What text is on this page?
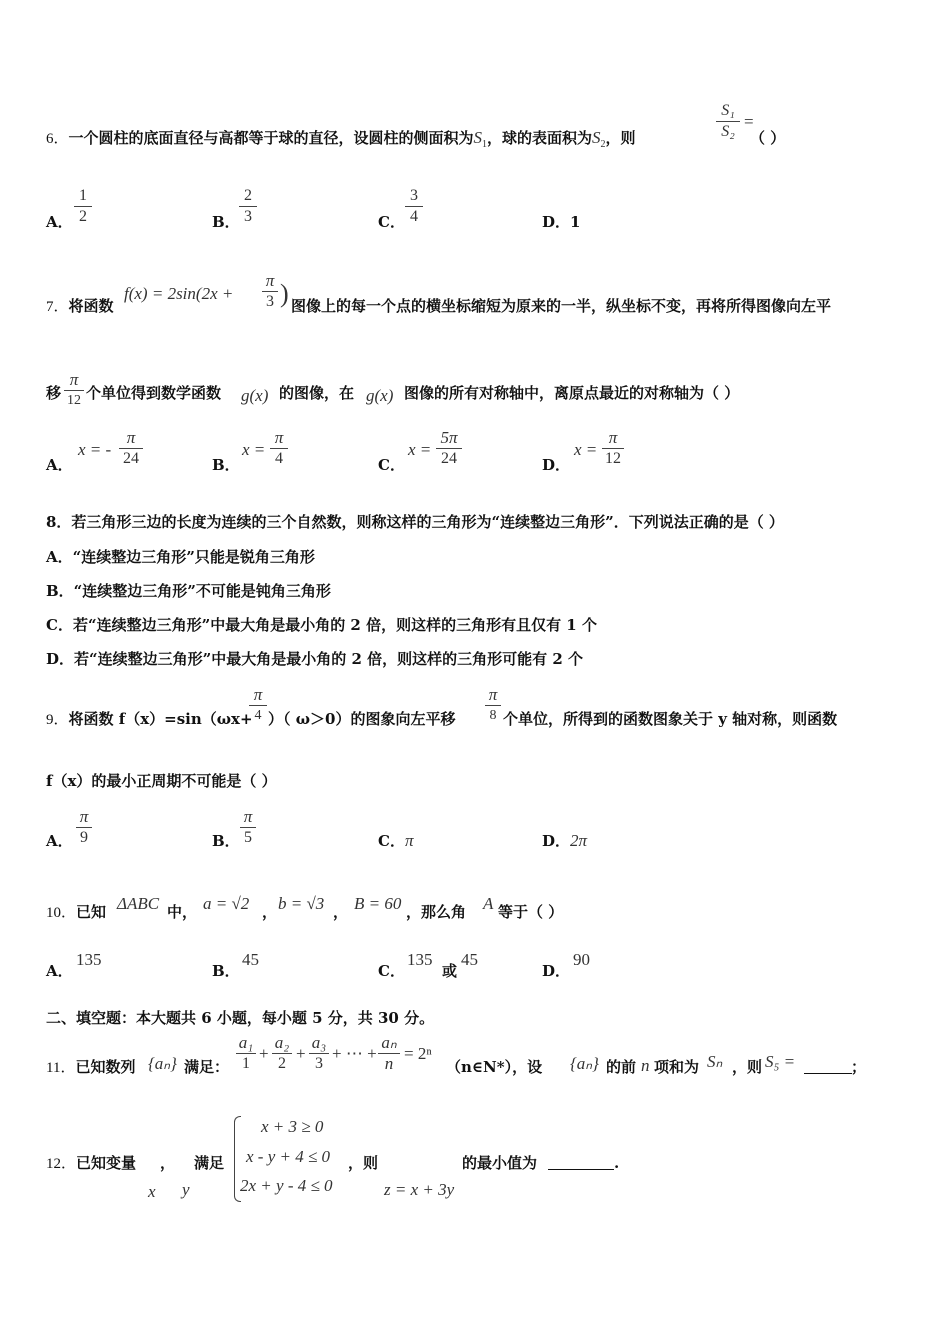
6．一个圆柱的底面直径与高都等于球的直径，设圆柱的侧面积为$S_1$，球的表面积为$S_2$，则
S₁
S₂
=
（ ）
A．
1
2	B．
2
3	C．
3
4	D．1
7．将函数
f(x) = 2sin(2x +
π
3 ) 图像上的每一个点的横坐标缩短为原来的一半，纵坐标不变，再将所得图像向左平
移
π
12 个单位得到数学函数 g(x) 的图像，在 g(x) 图像的所有对称轴中，离原点最近的对称轴为（ ）
A．
x = -
π
24	B．
x =
π
4	C．
x =
5π
24	D．
x =
π
12
8．若三角形三边的长度为连续的三个自然数，则称这样的三角形为“连续整边三角形”．下列说法正确的是（ ）
A．“连续整边三角形”只能是锐角三角形
B．“连续整边三角形”不可能是钝角三角形
C．若“连续整边三角形”中最大角是最小角的 2 倍，则这样的三角形有且仅有 1 个
D．若“连续整边三角形”中最大角是最小角的 2 倍，则这样的三角形可能有 2 个
9．将函数 f（x）=sin（ωx+
π
4 ）（ ω＞0）的图象向左平移
π
8 个单位，所得到的函数图象关于 y 轴对称，则函数
f（x）的最小正周期不可能是（ ）
A．
π
9	B．
π
5	C．π	D．2π
10．已知 ΔABC 中， a = √2 ， b = √3 ， B = 60 ，那么角 A 等于（ ）
A．
135
B．
45
C．
135
或
45
D．
90
二、填空题：本大题共 6 小题，每小题 5 分，共 30 分。
11．已知数列 {aₙ} 满足：
a₁
1
+
a₂
2
+
a₃
3
+ ⋯ +
aₙ
n
= 2ⁿ
（n∈N*），设 {aₙ} 的前 n 项和为 Sₙ ，则 S₅ =	；
12．已知变量 ， 满足
x y
x + 3 ≥ 0
x - y + 4 ≤ 0
2x + y - 4 ≤ 0
，则
z = x + 3y
的最小值为	.
